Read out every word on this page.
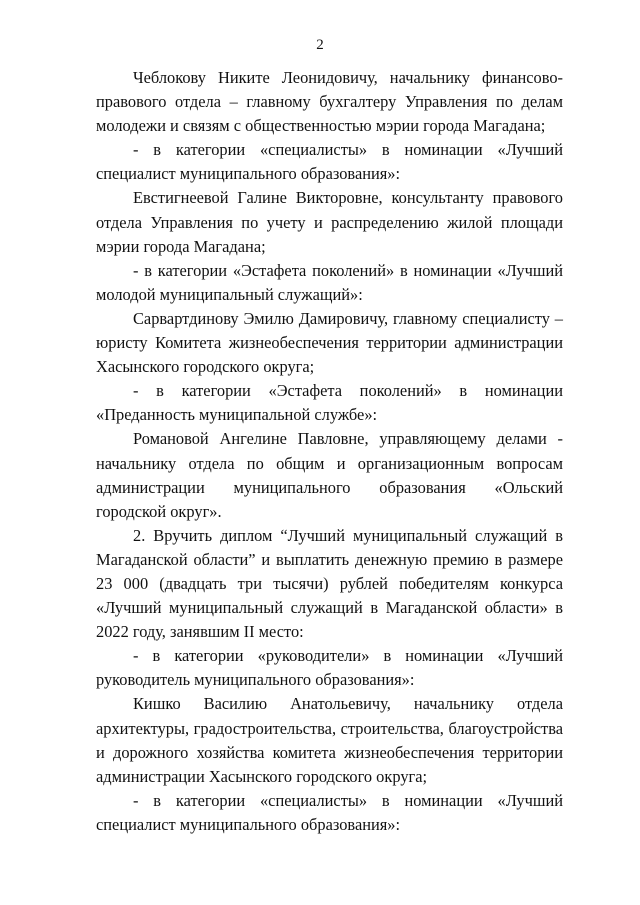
2

Чеблокову Никите Леонидовичу, начальнику финансово-правового отдела – главному бухгалтеру Управления по делам молодежи и связям с общественностью мэрии города Магадана;

- в категории «специалисты» в номинации «Лучший специалист муниципального образования»:

Евстигнеевой Галине Викторовне, консультанту правового отдела Управления по учету и распределению жилой площади мэрии города Магадана;

- в категории «Эстафета поколений» в номинации «Лучший молодой муниципальный служащий»:

Сарвартдинову Эмилю Дамировичу, главному специалисту – юристу Комитета жизнеобеспечения территории администрации Хасынского городского округа;

- в категории «Эстафета поколений» в номинации «Преданность муниципальной службе»:

Романовой Ангелине Павловне, управляющему делами - начальнику отдела по общим и организационным вопросам администрации муниципального образования «Ольский городской округ».

2. Вручить диплом “Лучший муниципальный служащий в Магаданской области” и выплатить денежную премию в размере 23 000 (двадцать три тысячи) рублей победителям конкурса «Лучший муниципальный служащий в Магаданской области» в 2022 году, занявшим II место:

- в категории «руководители» в номинации «Лучший руководитель муниципального образования»:

Кишко Василию Анатольевичу, начальнику отдела архитектуры, градостроительства, строительства, благоустройства и дорожного хозяйства комитета жизнеобеспечения территории администрации Хасынского городского округа;

- в категории «специалисты» в номинации «Лучший специалист муниципального образования»:
